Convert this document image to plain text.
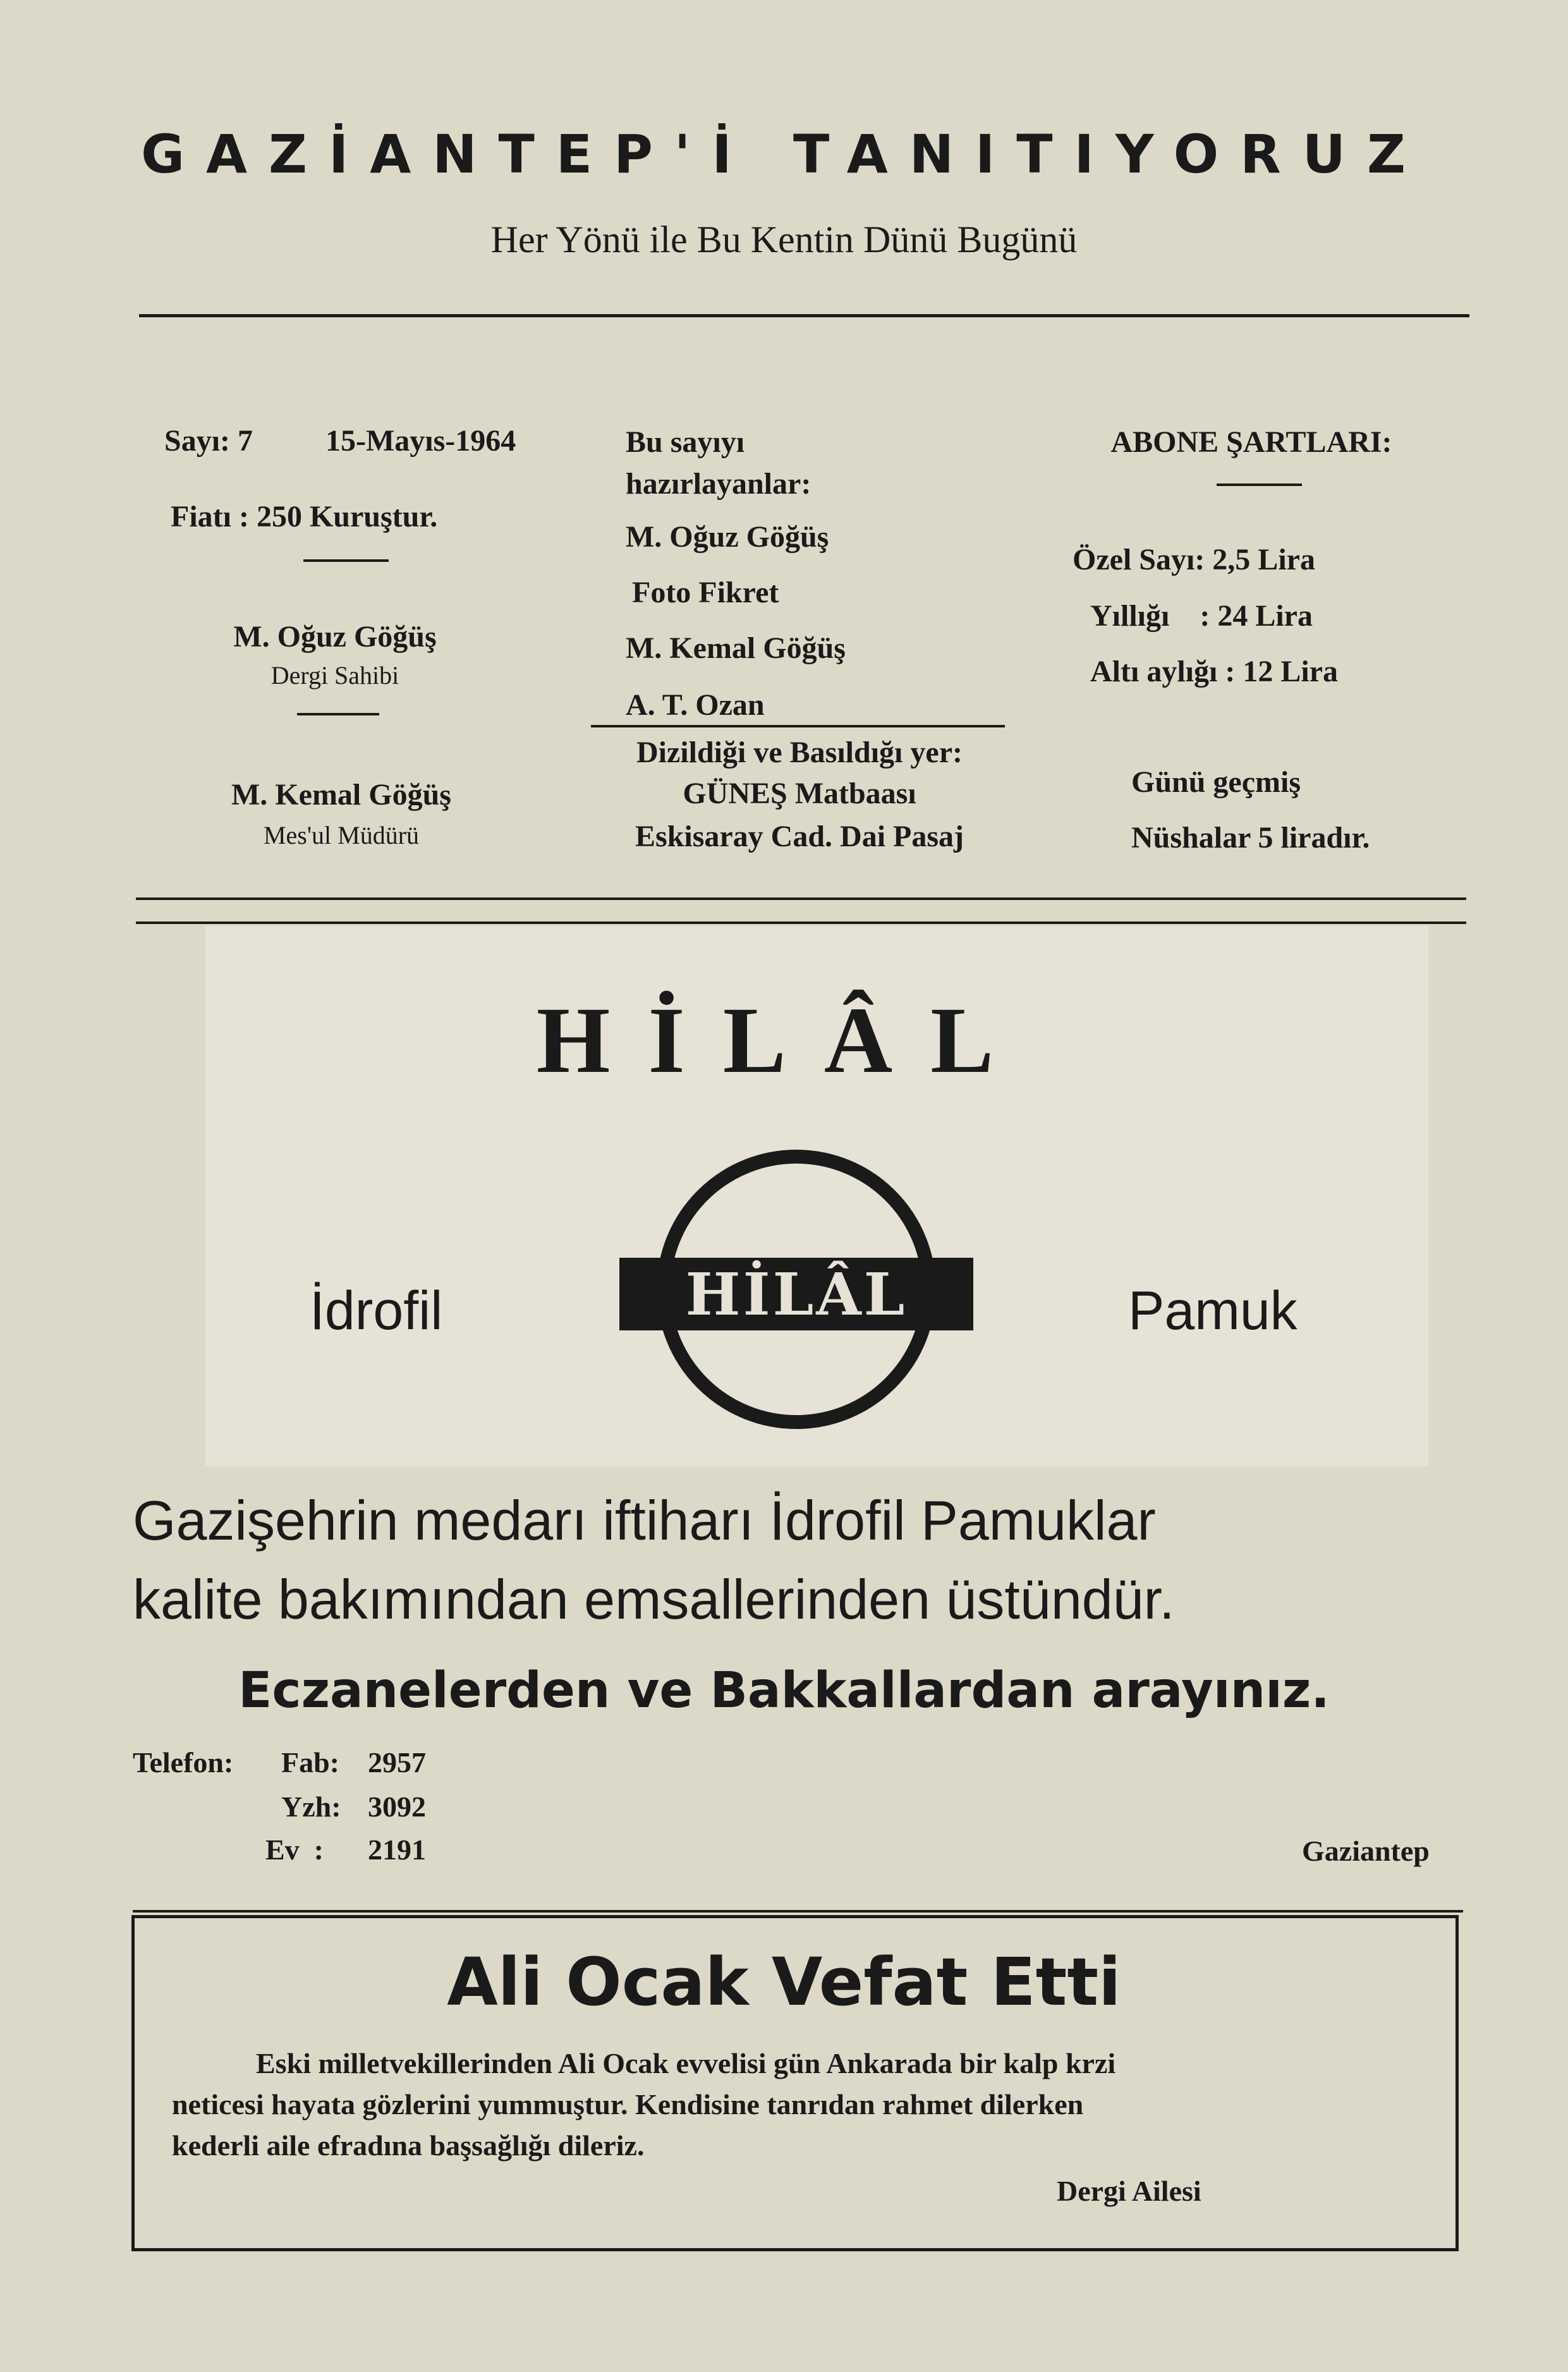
GAZİANTEP'İ TANITIYORUZ
Her Yönü ile Bu Kentin Dünü Bugünü
Sayı: 7 15-Mayıs-1964
Fiatı : 250 Kuruştur.
M. Oğuz Göğüş
Dergi Sahibi
M. Kemal Göğüş
Mes'ul Müdürü
Bu sayıyı
hazırlayanlar:
M. Oğuz Göğüş
Foto Fikret
M. Kemal Göğüş
A. T. Ozan
Dizildiği ve Basıldığı yer:
GÜNEŞ Matbaası
Eskisaray Cad. Dai Pasaj
ABONE ŞARTLARI:
Özel Sayı: 2,5 Lira
Yıllığı    : 24 Lira
Altı aylığı : 12 Lira
Günü geçmiş
Nüshalar 5 liradır.
HİLÂL
İdrofil	Pamuk
HİLÂL
Gazişehrin medarı iftiharı İdrofil Pamuklar
kalite bakımından emsallerinden üstündür.
Eczanelerden ve Bakkallardan arayınız.
Telefon: Fab: 2957
Yzh: 3092
Ev  : 2191	Gaziantep
Ali Ocak Vefat Etti
Eski milletvekillerinden Ali Ocak evvelisi gün Ankarada bir kalp krzi
neticesi hayata gözlerini yummuştur. Kendisine tanrıdan rahmet dilerken
kederli aile efradına başsağlığı dileriz.
Dergi Ailesi
